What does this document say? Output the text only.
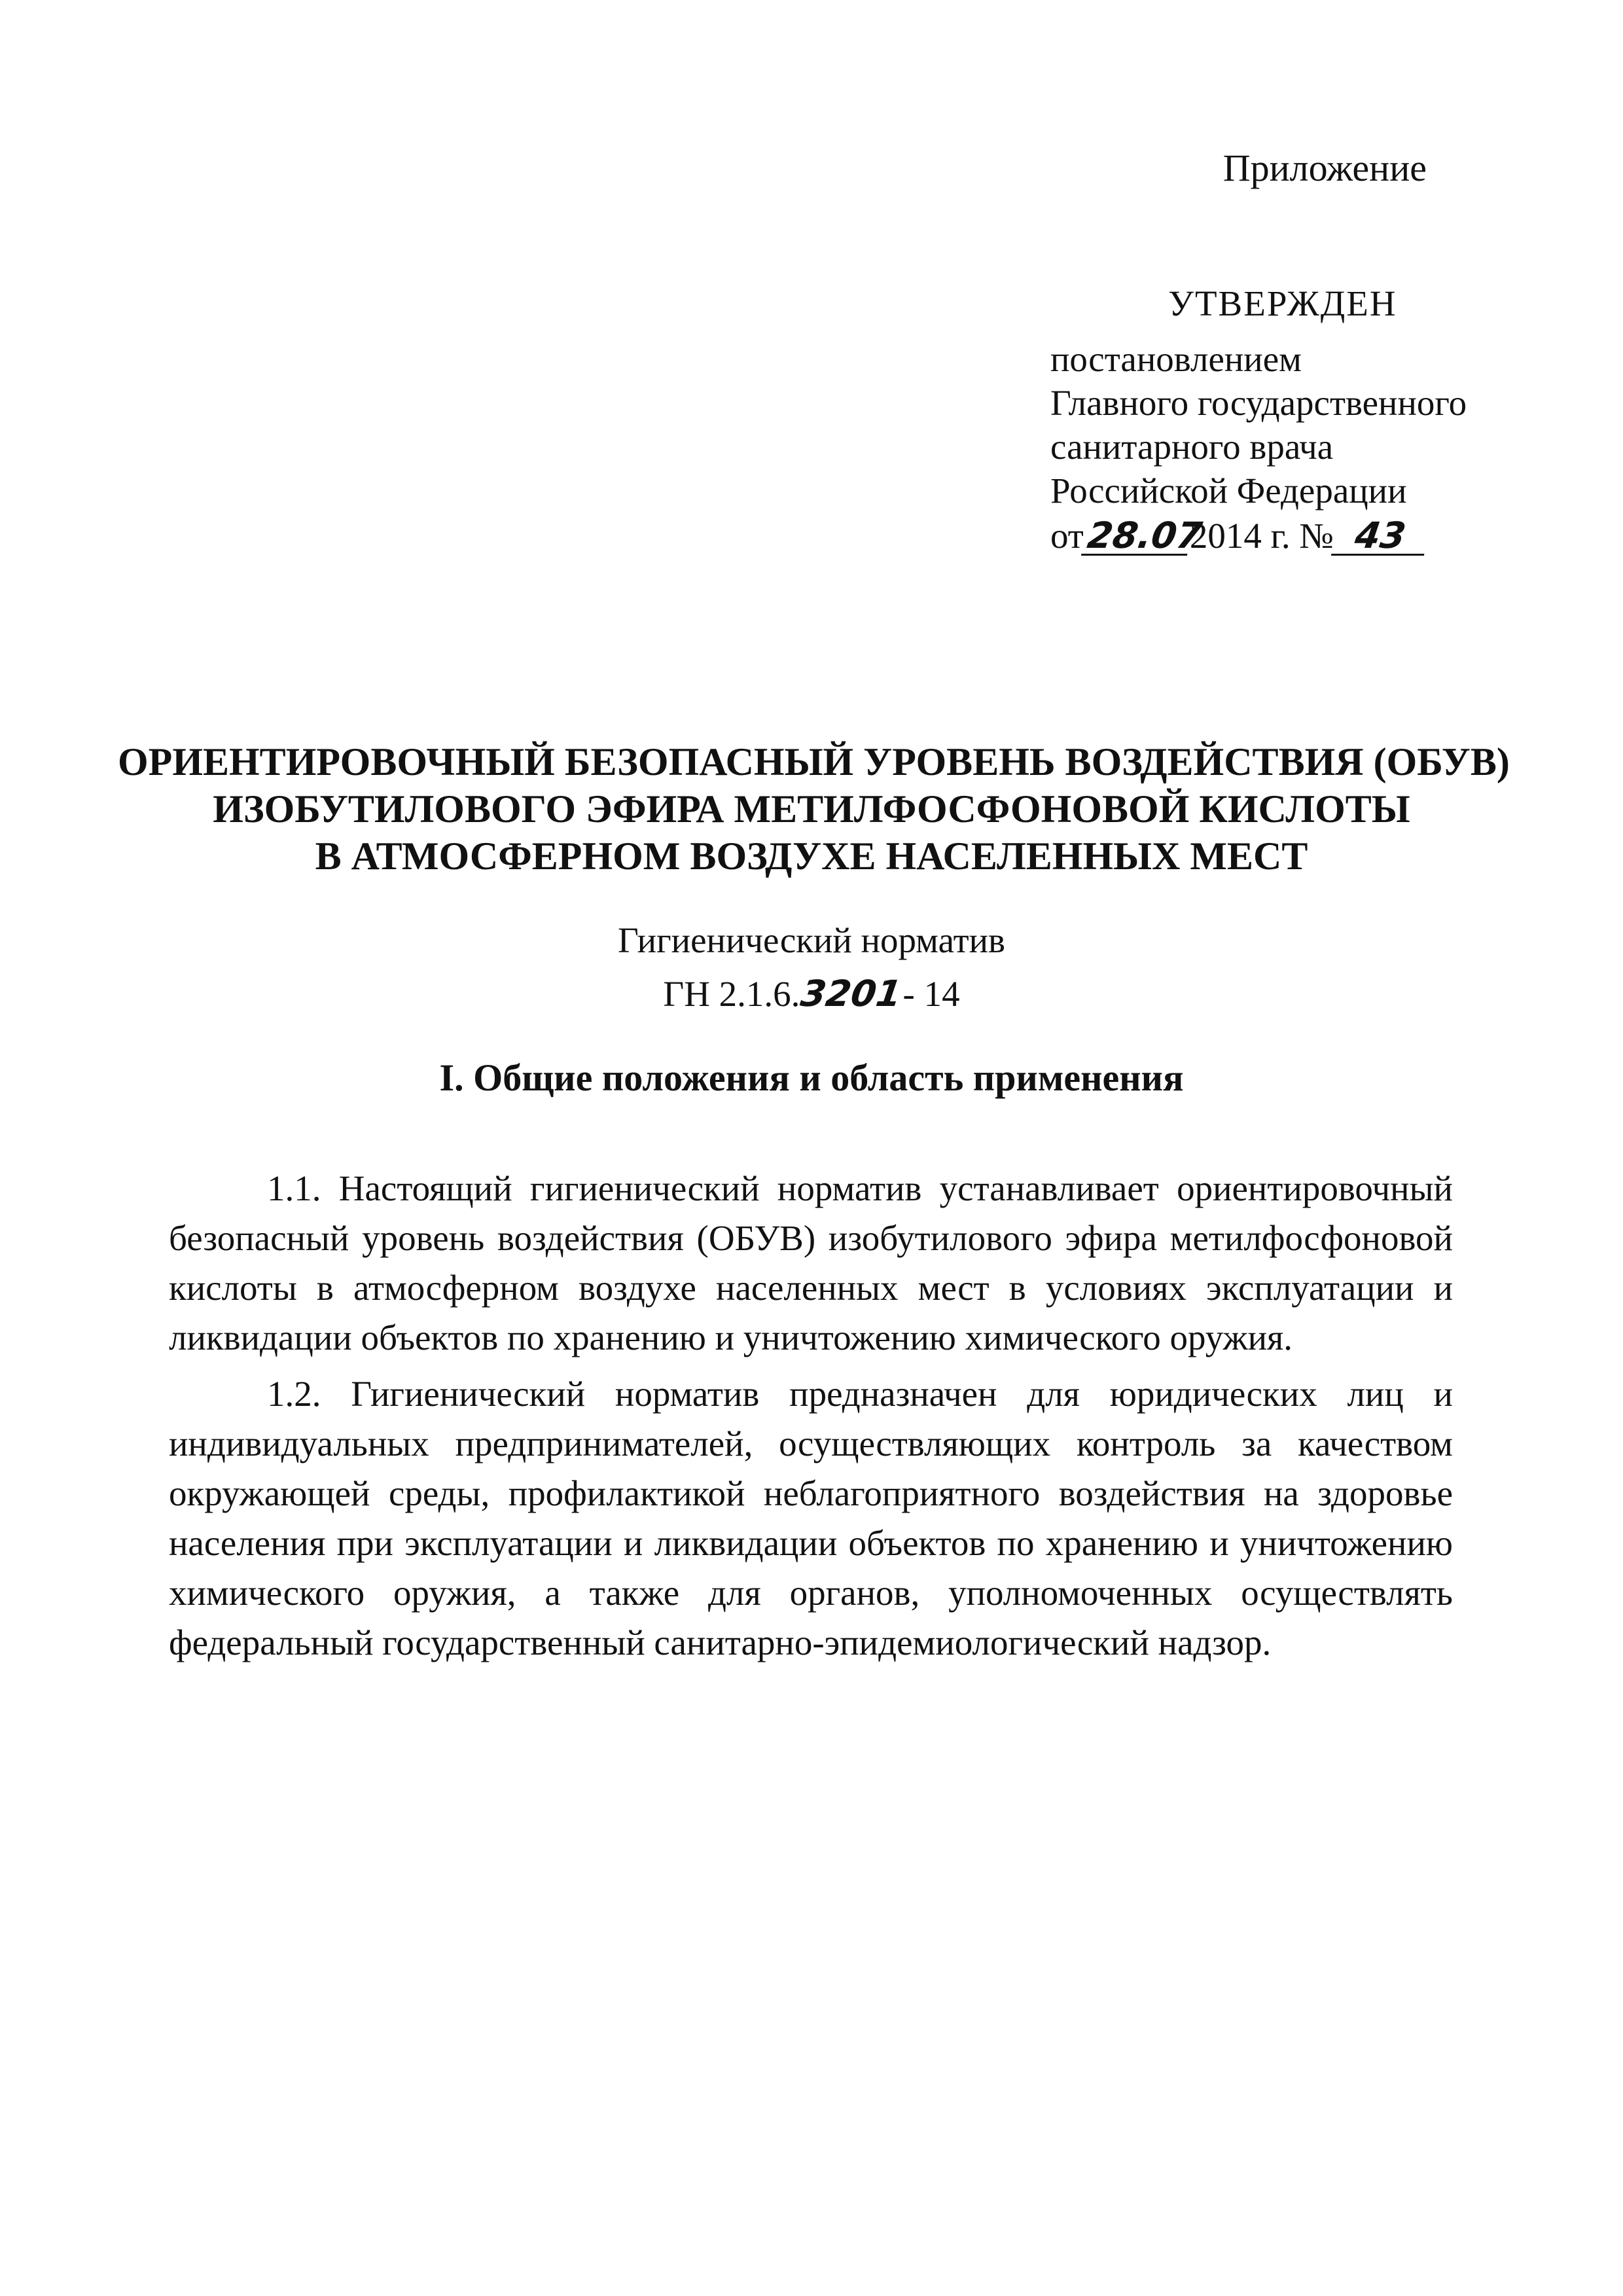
Приложение
УТВЕРЖДЕН
постановлением
Главного государственного
санитарного врача
Российской Федерации
от28.072014 г. № 43
ОРИЕНТИРОВОЧНЫЙ БЕЗОПАСНЫЙ УРОВЕНЬ ВОЗДЕЙСТВИЯ (ОБУВ)
ИЗОБУТИЛОВОГО ЭФИРА МЕТИЛФОСФОНОВОЙ КИСЛОТЫ
В АТМОСФЕРНОМ ВОЗДУХЕ НАСЕЛЕННЫХ МЕСТ
Гигиенический норматив
ГН 2.1.6.3201- 14
I. Общие положения и область применения

1.1. Настоящий гигиенический норматив устанавливает ориентировочный безопасный уровень воздействия (ОБУВ) изобутилового эфира метилфосфоновой кислоты в атмосферном воздухе населенных мест в условиях эксплуатации и ликвидации объектов по хранению и уничтожению химического оружия.

1.2. Гигиенический норматив предназначен для юридических лиц и индивидуальных предпринимателей, осуществляющих контроль за качеством окружающей среды, профилактикой неблагоприятного воздействия на здоровье населения при эксплуатации и ликвидации объектов по хранению и уничтожению химического оружия, а также для органов, уполномоченных осуществлять федеральный государственный санитарно-эпидемиологический надзор.
